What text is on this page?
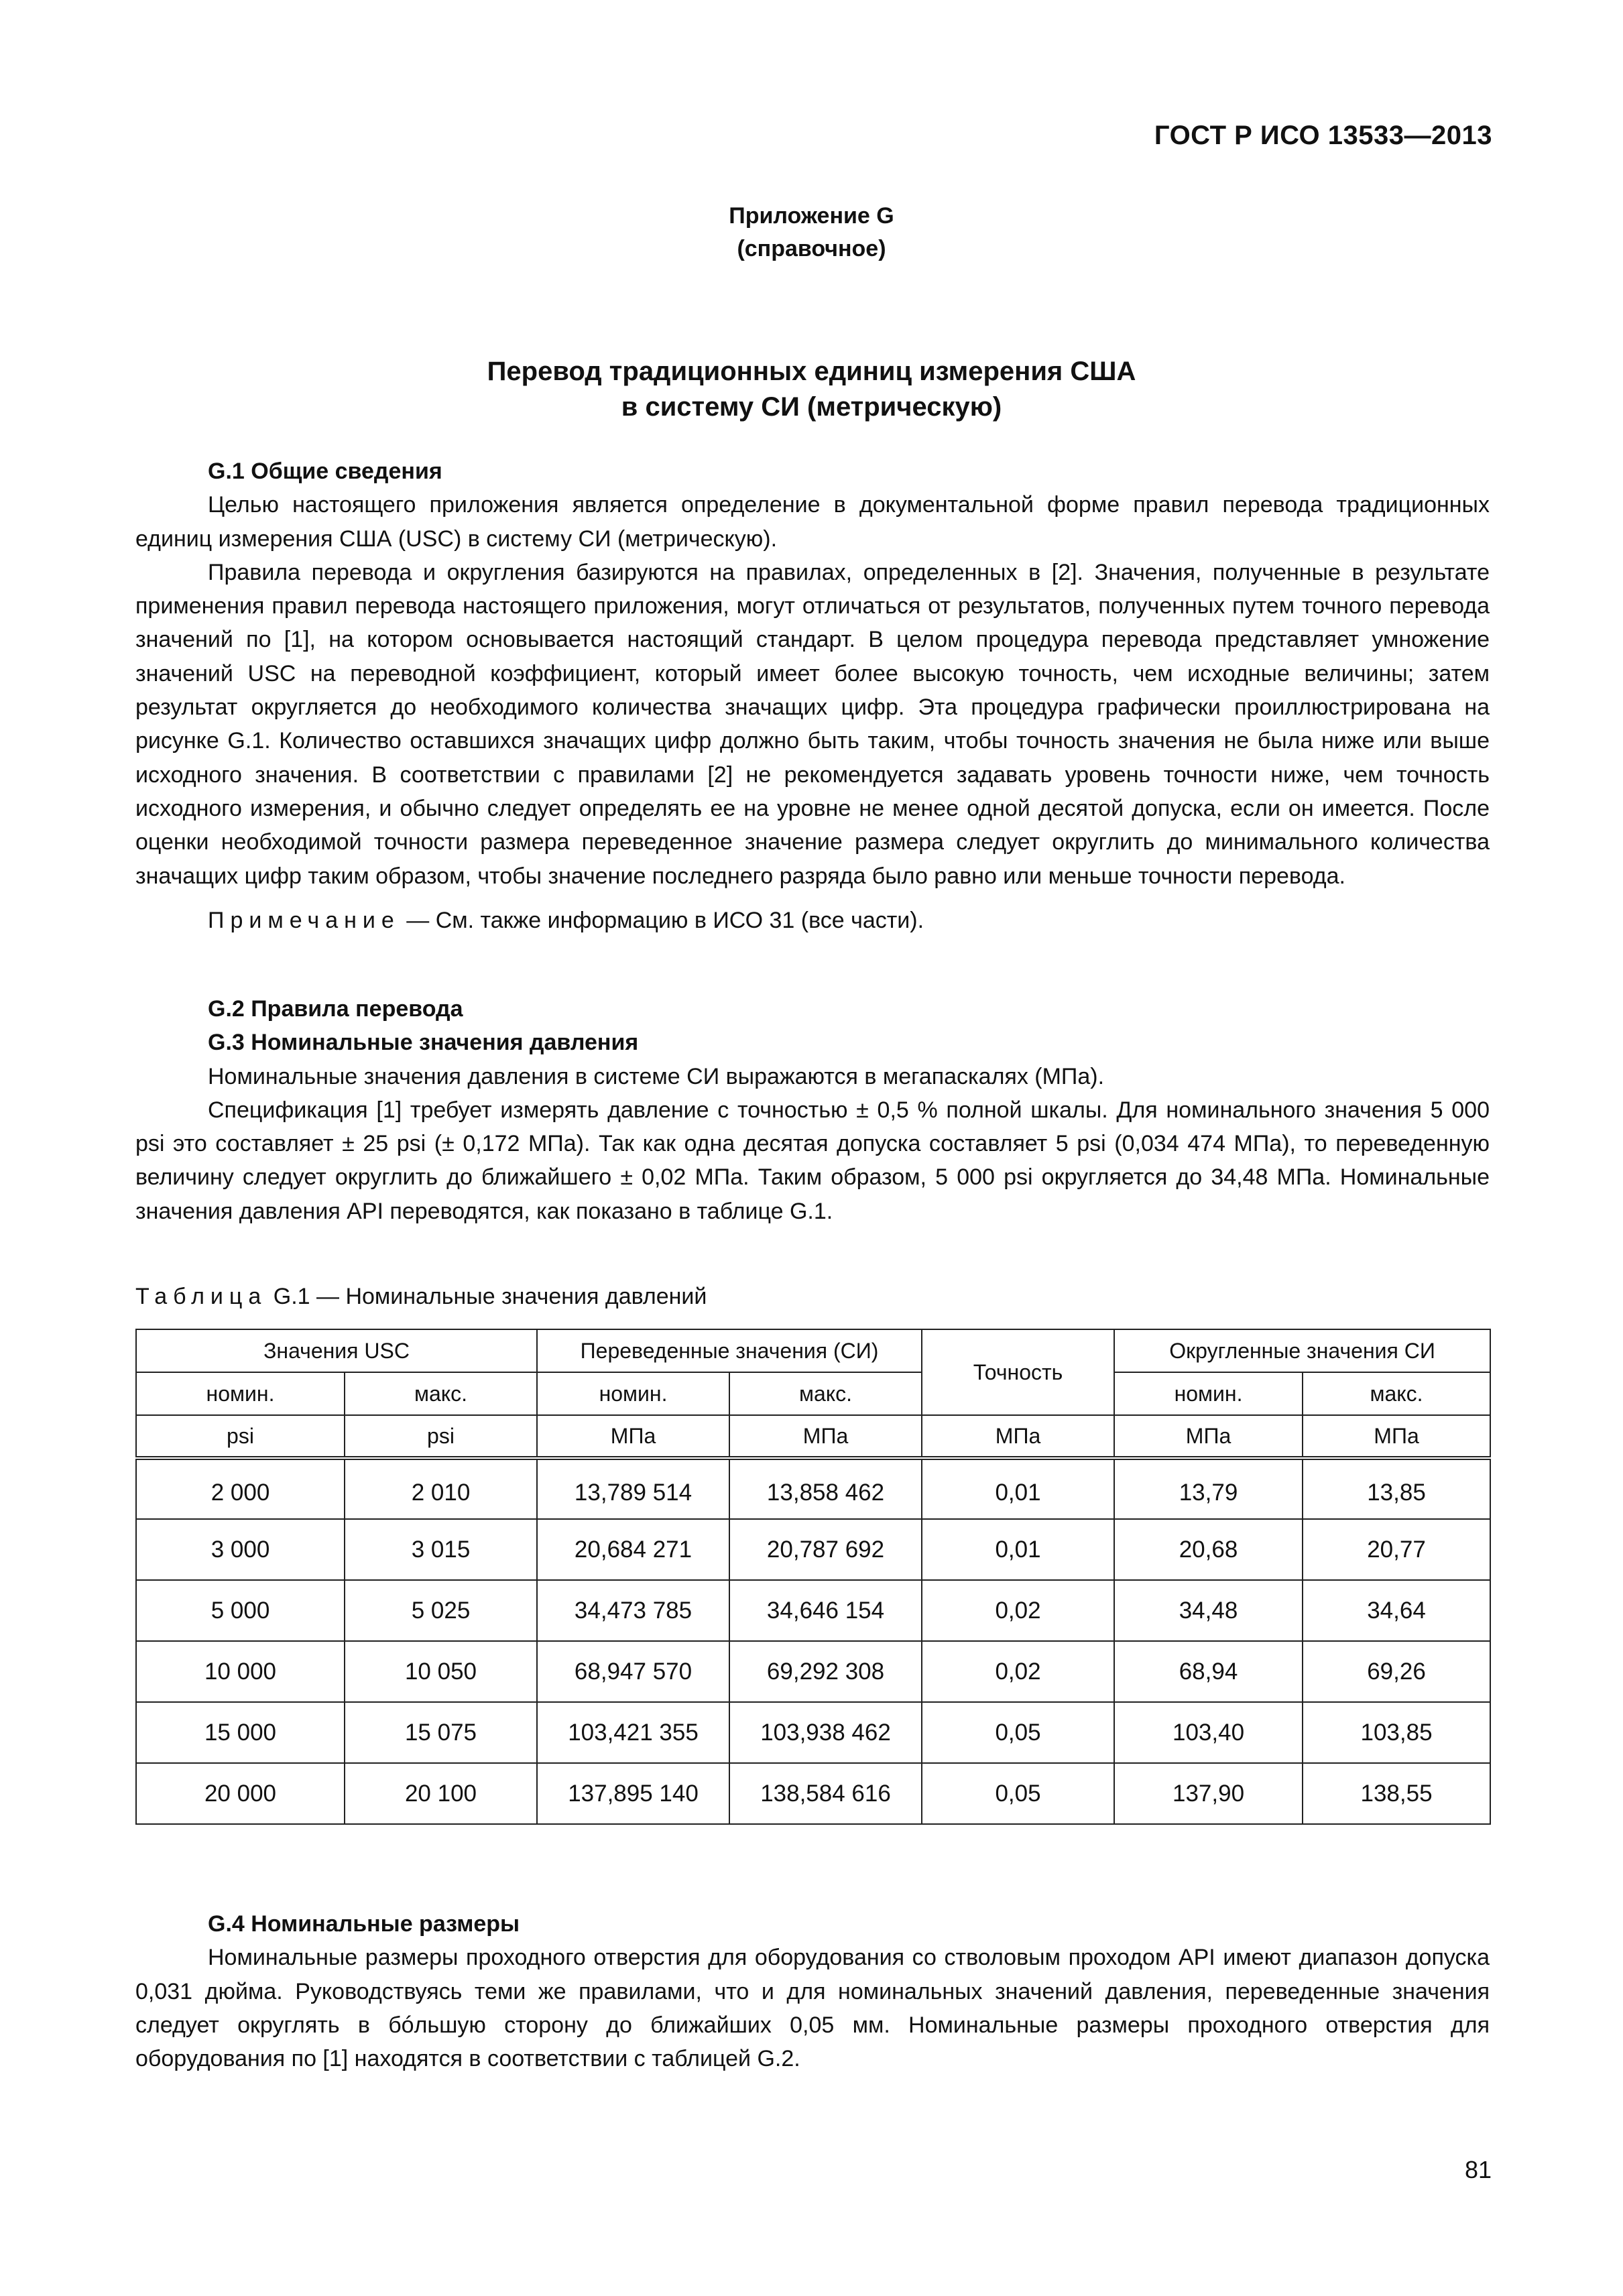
ГОСТ Р ИСО 13533—2013
Приложение G
(справочное)
Перевод традиционных единиц измерения США
в систему СИ (метрическую)

G.1 Общие сведения

Целью настоящего приложения является определение в документальной форме правил перевода традиционных единиц измерения США (USC) в систему СИ (метрическую).

Правила перевода и округления базируются на правилах, определенных в [2]. Значения, полученные в результате применения правил перевода настоящего приложения, могут отличаться от результатов, полученных путем точного перевода значений по [1], на котором основывается настоящий стандарт. В целом процедура перевода представляет умножение значений USC на переводной коэффициент, который имеет более высокую точность, чем исходные величины; затем результат округляется до необходимого количества значащих цифр. Эта процедура графически проиллюстрирована на рисунке G.1. Количество оставшихся значащих цифр должно быть таким, чтобы точность значения не была ниже или выше исходного значения. В соответствии с правилами [2] не рекомендуется задавать уровень точности ниже, чем точность исходного измерения, и обычно следует определять ее на уровне не менее одной десятой допуска, если он имеется. После оценки необходимой точности размера переведенное значение размера следует округлить до минимального количества значащих цифр таким образом, чтобы значение последнего разряда было равно или меньше точности перевода.

Примечание — См. также информацию в ИСО 31 (все части).

G.2 Правила перевода

G.3 Номинальные значения давления

Номинальные значения давления в системе СИ выражаются в мегапаскалях (МПа).

Спецификация [1] требует измерять давление с точностью ± 0,5 % полной шкалы. Для номинального значения 5 000 psi это составляет ± 25 psi (± 0,172 МПа). Так как одна десятая допуска составляет 5 psi (0,034 474 МПа), то переведенную величину следует округлить до ближайшего ± 0,02 МПа. Таким образом, 5 000 psi округляется до 34,48 МПа. Номинальные значения давления API переводятся, как показано в таблице G.1.

Таблица G.1 — Номинальные значения давлений
Значения USC		Переведенные значения (СИ)		Точность	Округленные значения СИ	
номин.	макс.	номин.	макс.		номин.	макс.
psi	psi	МПа	МПа	МПа	МПа	МПа
2 000	2 010	13,789 514	13,858 462	0,01	13,79	13,85
3 000	3 015	20,684 271	20,787 692	0,01	20,68	20,77
5 000	5 025	34,473 785	34,646 154	0,02	34,48	34,64
10 000	10 050	68,947 570	69,292 308	0,02	68,94	69,26
15 000	15 075	103,421 355	103,938 462	0,05	103,40	103,85
20 000	20 100	137,895 140	138,584 616	0,05	137,90	138,55

G.4 Номинальные размеры

Номинальные размеры проходного отверстия для оборудования со стволовым проходом API имеют диапазон допуска 0,031 дюйма. Руководствуясь теми же правилами, что и для номинальных значений давления, переведенные значения следует округлять в бóльшую сторону до ближайших 0,05 мм. Номинальные размеры проходного отверстия для оборудования по [1] находятся в соответствии с таблицей G.2.

81
